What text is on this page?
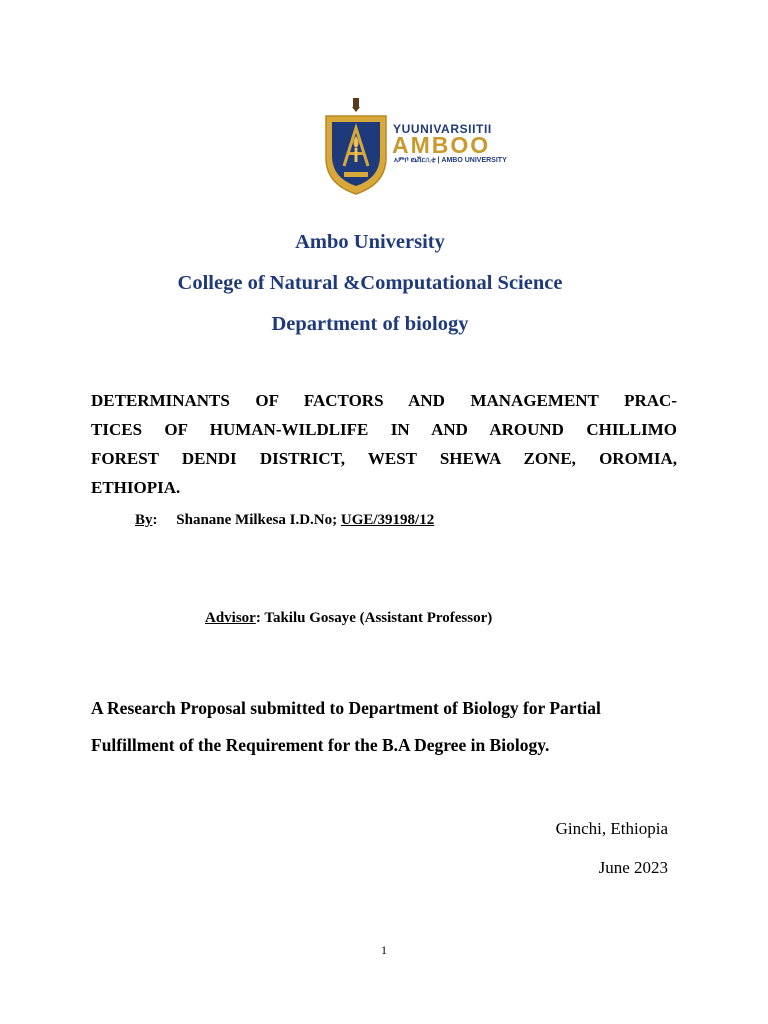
YUUNIVARSIITII
AMBOO
አምቦ ዩኒቨርሲቲ | AMBO UNIVERSITY
Ambo University
College of Natural &Computational Science
Department of biology
DETERMINANTS OF FACTORS AND MANAGEMENT PRAC-
TICES OF HUMAN-WILDLIFE IN AND AROUND CHILLIMO
FOREST DENDI DISTRICT, WEST SHEWA ZONE, OROMIA,
ETHIOPIA.
By: Shanane Milkesa I.D.No; UGE/39198/12
Advisor: Takilu Gosaye (Assistant Professor)
A Research Proposal submitted to Department of Biology for Partial
Fulfillment of the Requirement for the B.A Degree in Biology.
Ginchi, Ethiopia
June 2023
1
